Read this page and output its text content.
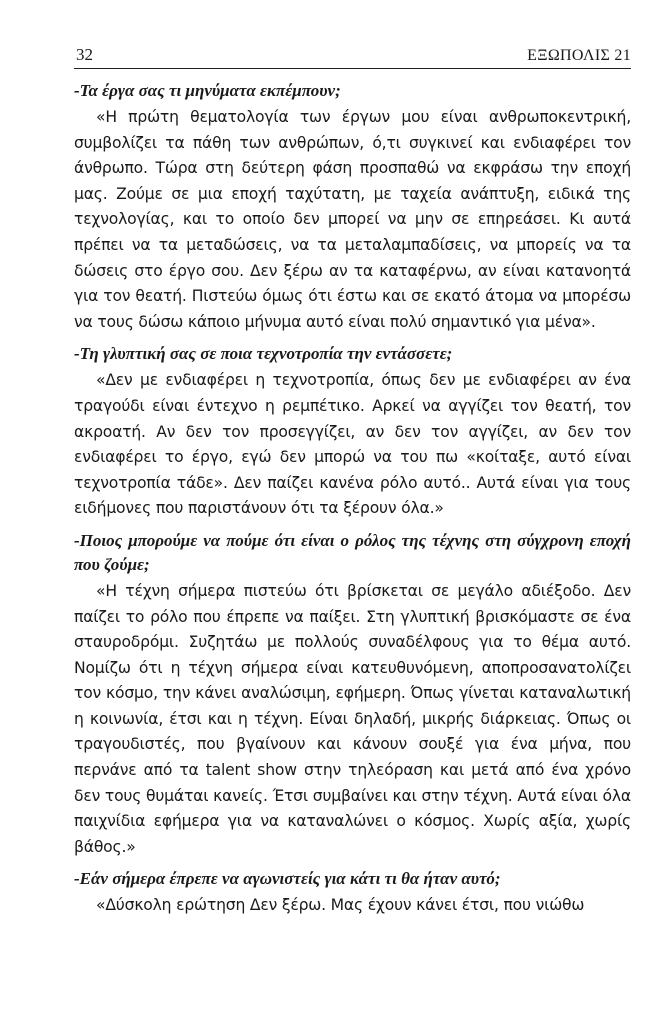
32	ΕΞΩΠΟΛΙΣ 21

-Τα έργα σας τι μηνύματα εκπέμπουν;

«Η πρώτη θεματολογία των έργων μου είναι ανθρωποκεντρική, συμβολίζει τα πάθη των ανθρώπων, ό,τι συγκινεί και ενδιαφέρει τον άνθρωπο. Τώρα στη δεύτερη φάση προσπαθώ να εκφράσω την εποχή μας. Ζούμε σε μια εποχή ταχύτατη, με ταχεία ανάπτυξη, ειδικά της τεχνολογίας, και το οποίο δεν μπορεί να μην σε επηρεάσει. Κι αυτά πρέπει να τα μεταδώσεις, να τα μεταλαμπαδίσεις, να μπορείς να τα δώσεις στο έργο σου. Δεν ξέρω αν τα καταφέρνω, αν είναι κατανοητά για τον θεατή. Πιστεύω όμως ότι έστω και σε εκατό άτομα να μπορέσω να τους δώσω κάποιο μήνυμα αυτό είναι πολύ σημαντικό για μένα».

-Τη γλυπτική σας σε ποια τεχνοτροπία την εντάσσετε;

«Δεν με ενδιαφέρει η τεχνοτροπία, όπως δεν με ενδιαφέρει αν ένα τραγούδι είναι έντεχνο η ρεμπέτικο. Αρκεί να αγγίζει τον θεατή, τον ακροατή. Αν δεν τον προσεγγίζει, αν δεν τον αγγίζει, αν δεν τον ενδιαφέρει το έργο, εγώ δεν μπορώ να του πω «κοίταξε, αυτό είναι τεχνοτροπία τάδε». Δεν παίζει κανένα ρόλο αυτό.. Αυτά είναι για τους ειδήμονες που παριστάνουν ότι τα ξέρουν όλα.»

-Ποιος μπορούμε να πούμε ότι είναι ο ρόλος της τέχνης στη σύγχρονη εποχή που ζούμε;

«Η τέχνη σήμερα πιστεύω ότι βρίσκεται σε μεγάλο αδιέξοδο. Δεν παίζει το ρόλο που έπρεπε να παίξει. Στη γλυπτική βρισκόμαστε σε ένα σταυροδρόμι. Συζητάω με πολλούς συναδέλφους για το θέμα αυτό. Νομίζω ότι η τέχνη σήμερα είναι κατευθυνόμενη, αποπροσανατολίζει τον κόσμο, την κάνει αναλώσιμη, εφήμερη. Όπως γίνεται καταναλωτική η κοινωνία, έτσι και η τέχνη. Είναι δηλαδή, μικρής διάρκειας. Όπως οι τραγουδιστές, που βγαίνουν και κάνουν σουξέ για ένα μήνα, που περνάνε από τα talent show στην τηλεόραση και μετά από ένα χρόνο δεν τους θυμάται κανείς. Έτσι συμβαίνει και στην τέχνη. Αυτά είναι όλα παιχνίδια εφήμερα για να καταναλώνει ο κόσμος. Χωρίς αξία, χωρίς βάθος.»

-Εάν σήμερα έπρεπε να αγωνιστείς για κάτι τι θα ήταν αυτό;

«Δύσκολη ερώτηση Δεν ξέρω. Μας έχουν κάνει έτσι, που νιώθω
